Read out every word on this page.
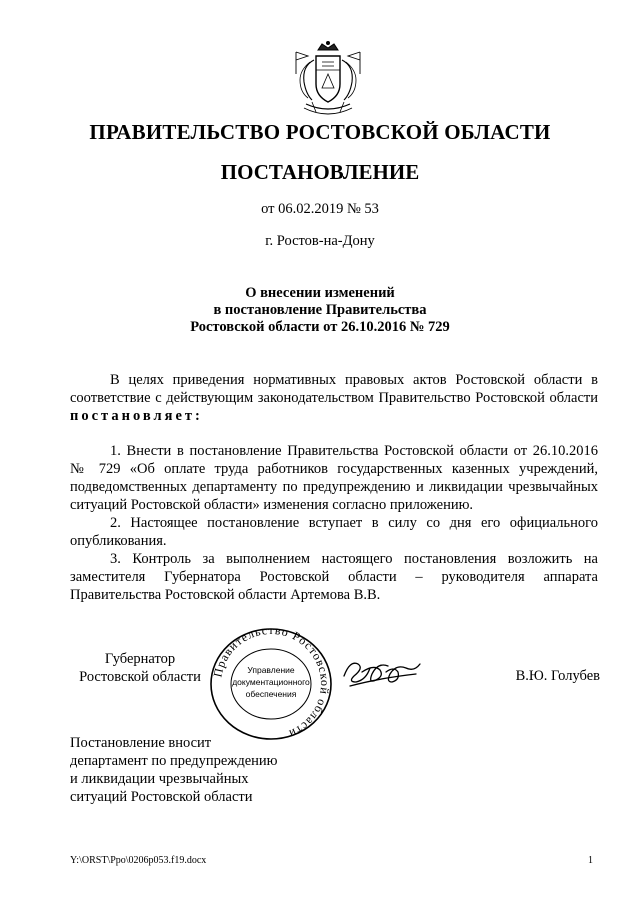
ПРАВИТЕЛЬСТВО РОСТОВСКОЙ ОБЛАСТИ
ПОСТАНОВЛЕНИЕ
от 06.02.2019 № 53
г. Ростов-на-Дону
О внесении изменений
в постановление Правительства
Ростовской области от 26.10.2016 № 729

В целях приведения нормативных правовых актов Ростовской области в соответствие с действующим законодательством Правительство Ростовской области постановляет:

1. Внести в постановление Правительства Ростовской области от 26.10.2016 № 729 «Об оплате труда работников государственных казенных учреждений, подведомственных департаменту по предупреждению и ликвидации чрезвычайных ситуаций Ростовской области» изменения согласно приложению.

2. Настоящее постановление вступает в силу со дня его официального опубликования.

3. Контроль за выполнением настоящего постановления возложить на заместителя Губернатора Ростовской области – руководителя аппарата Правительства Ростовской области Артемова В.В.

Губернатор
Ростовской области Правительство Ростовской области
Управление
документационного
обеспечения
В.Ю. Голубев
Постановление вносит
департамент по предупреждению
и ликвидации чрезвычайных
ситуаций Ростовской области
Y:\ORST\Ppo\0206p053.f19.docx	1
